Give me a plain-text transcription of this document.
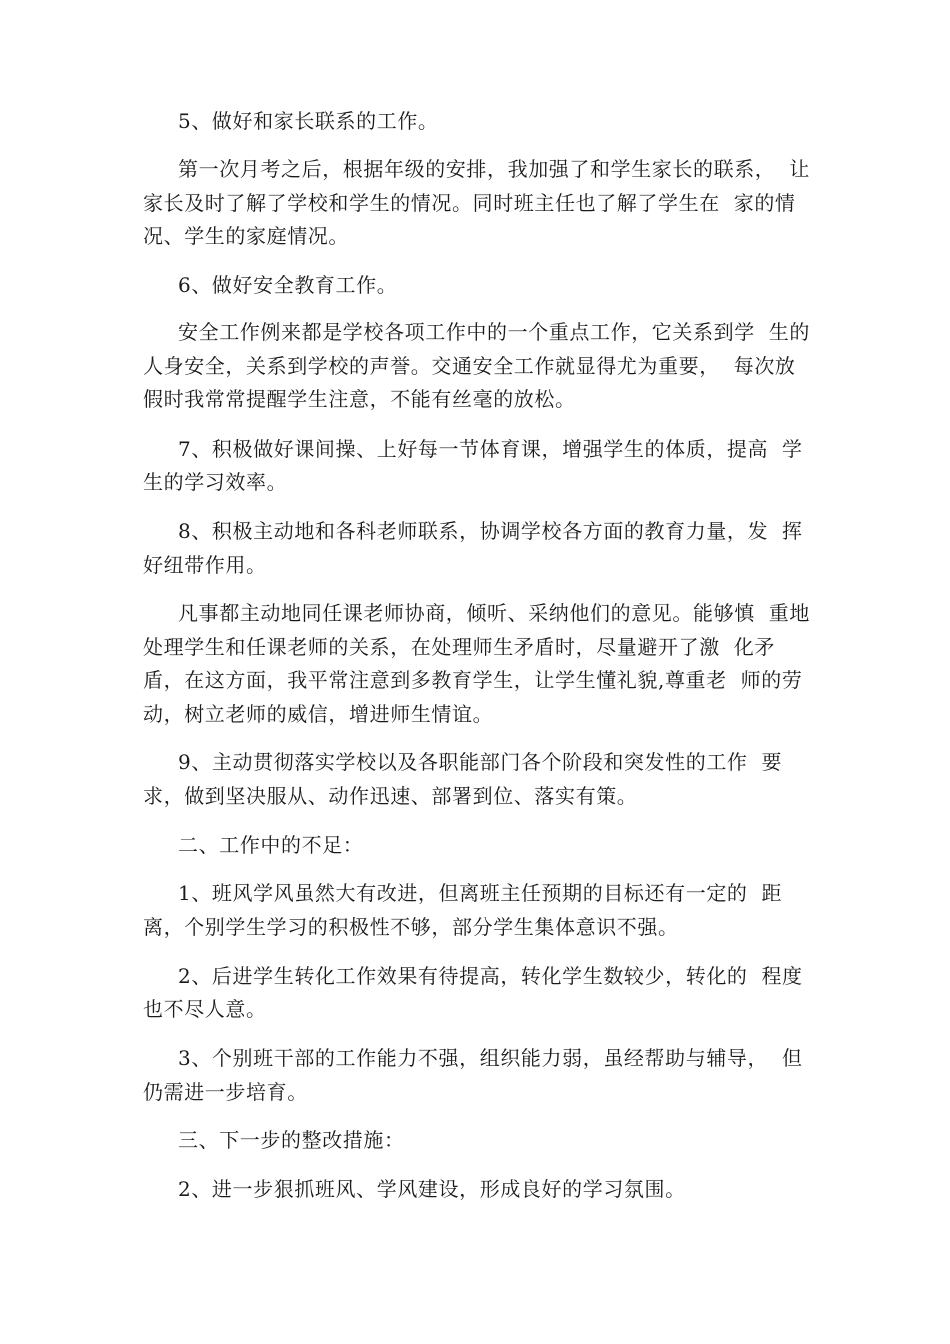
5、做好和家长联系的工作。
第一次月考之后，根据年级的安排，我加强了和学生家长的联系，  让
家长及时了解了学校和学生的情况。同时班主任也了解了学生在  家的情
况、学生的家庭情况。
6、做好安全教育工作。
安全工作例来都是学校各项工作中的一个重点工作，它关系到学  生的
人身安全，关系到学校的声誉。交通安全工作就显得尤为重要，  每次放
假时我常常提醒学生注意，不能有丝毫的放松。
7、积极做好课间操、上好每一节体育课，增强学生的体质，提高  学
生的学习效率。
8、积极主动地和各科老师联系，协调学校各方面的教育力量，发  挥
好纽带作用。
凡事都主动地同任课老师协商，倾听、采纳他们的意见。能够慎  重地
处理学生和任课老师的关系，在处理师生矛盾时，尽量避开了激  化矛
盾，在这方面，我平常注意到多教育学生，让学生懂礼貌,尊重老  师的劳
动，树立老师的威信，增进师生情谊。
9、主动贯彻落实学校以及各职能部门各个阶段和突发性的工作  要
求，做到坚决服从、动作迅速、部署到位、落实有策。
二、工作中的不足：
1、班风学风虽然大有改进，但离班主任预期的目标还有一定的  距
离，个别学生学习的积极性不够，部分学生集体意识不强。
2、后进学生转化工作效果有待提高，转化学生数较少，转化的  程度
也不尽人意。
3、个别班干部的工作能力不强，组织能力弱，虽经帮助与辅导，  但
仍需进一步培育。
三、下一步的整改措施：
2、进一步狠抓班风、学风建设，形成良好的学习氛围。
